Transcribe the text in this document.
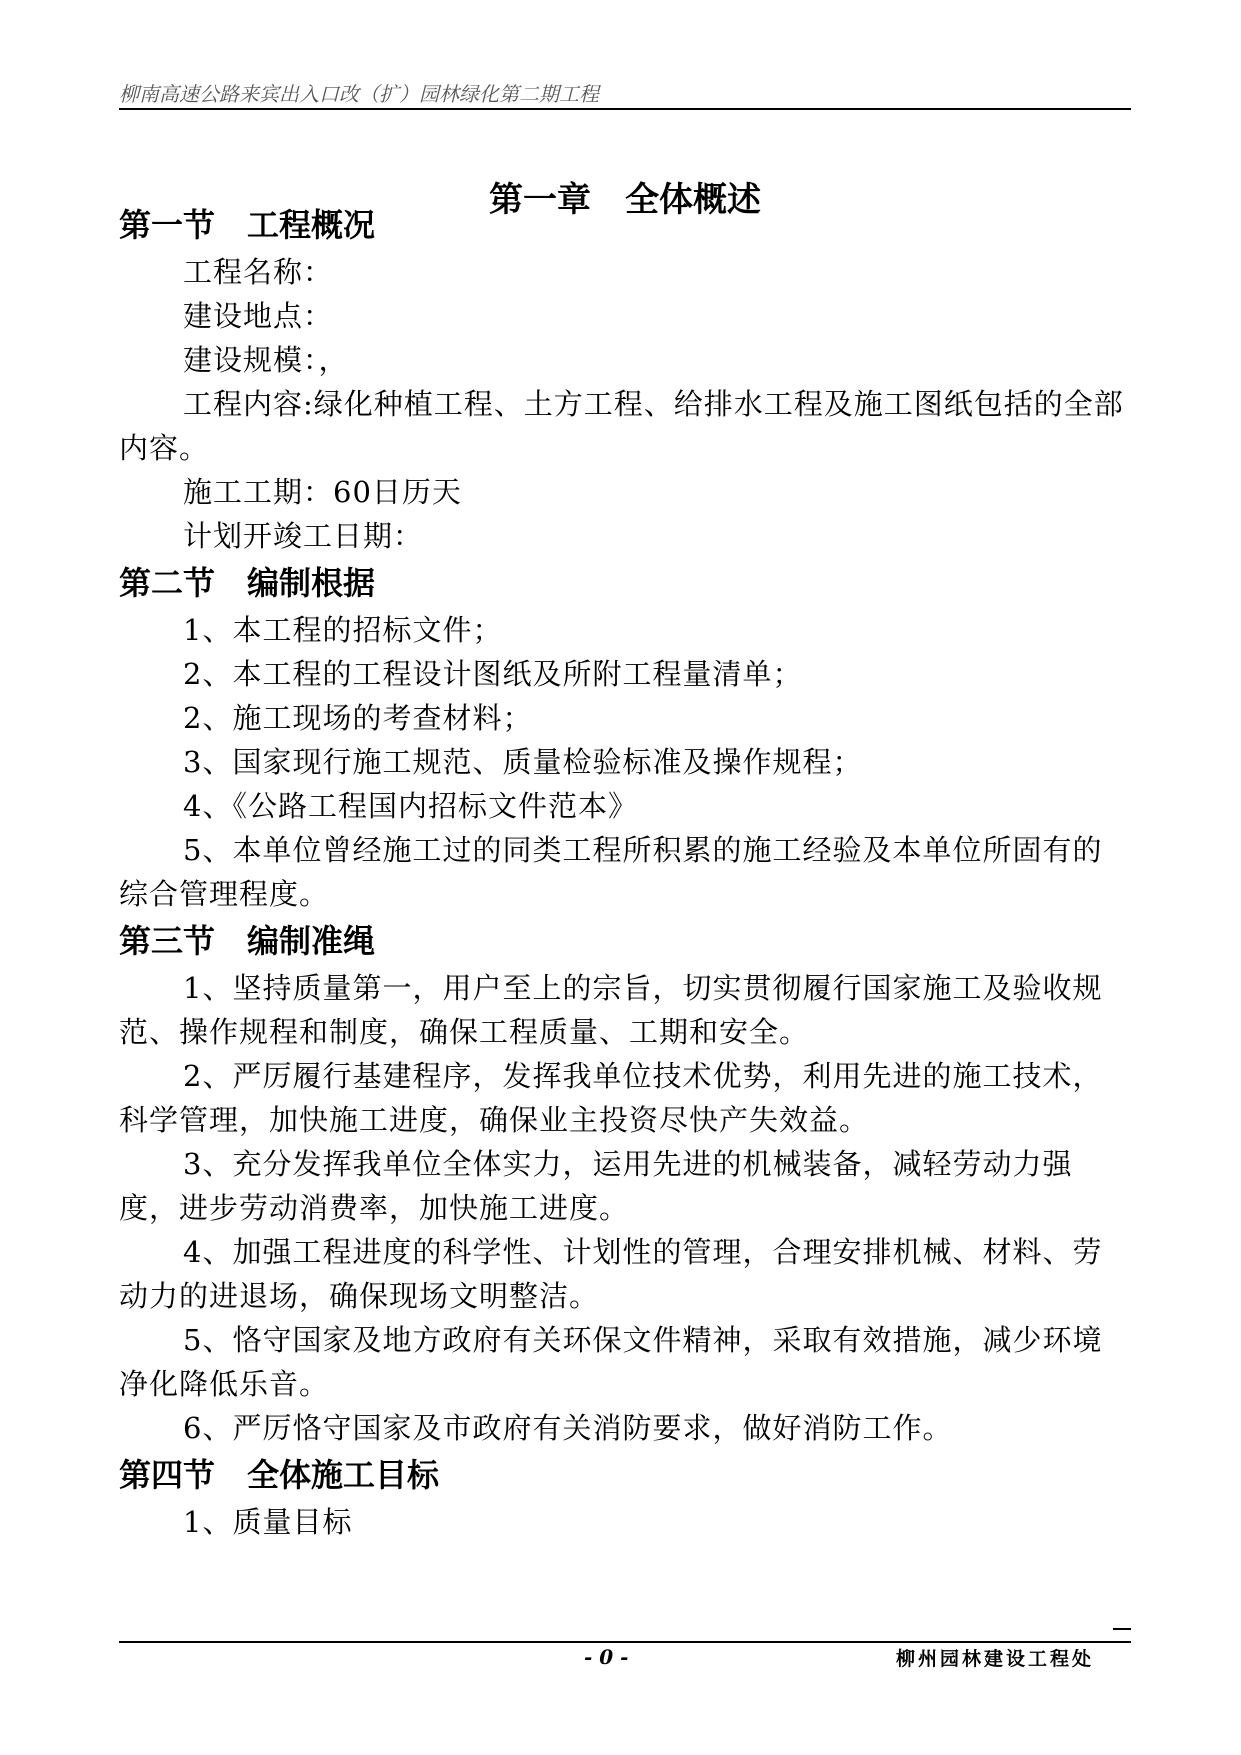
柳南高速公路来宾出入口改（扩）园林绿化第二期工程
第一章　全体概述
第一节　工程概况

工程名称：

建设地点：

建设规模：，

工程内容:绿化种植工程、土方工程、给排水工程及施工图纸包括的全部内容。

施工工期：60日历天

计划开竣工日期：

第二节　编制根据

1、本工程的招标文件；

2、本工程的工程设计图纸及所附工程量清单；

2、施工现场的考查材料；

3、国家现行施工规范、质量检验标准及操作规程；

4、《公路工程国内招标文件范本》

5、本单位曾经施工过的同类工程所积累的施工经验及本单位所固有的综合管理程度。

第三节　编制准绳

1、坚持质量第一，用户至上的宗旨，切实贯彻履行国家施工及验收规范、操作规程和制度，确保工程质量、工期和安全。

2、严厉履行基建程序，发挥我单位技术优势，利用先进的施工技术，科学管理，加快施工进度，确保业主投资尽快产失效益。

3、充分发挥我单位全体实力，运用先进的机械装备，减轻劳动力强度，进步劳动消费率，加快施工进度。

4、加强工程进度的科学性、计划性的管理，合理安排机械、材料、劳动力的进退场，确保现场文明整洁。

5、恪守国家及地方政府有关环保文件精神，采取有效措施，减少环境净化降低乐音。

6、严厉恪守国家及市政府有关消防要求，做好消防工作。

第四节　全体施工目标

1、质量目标

- 0 -	柳州园林建设工程处
